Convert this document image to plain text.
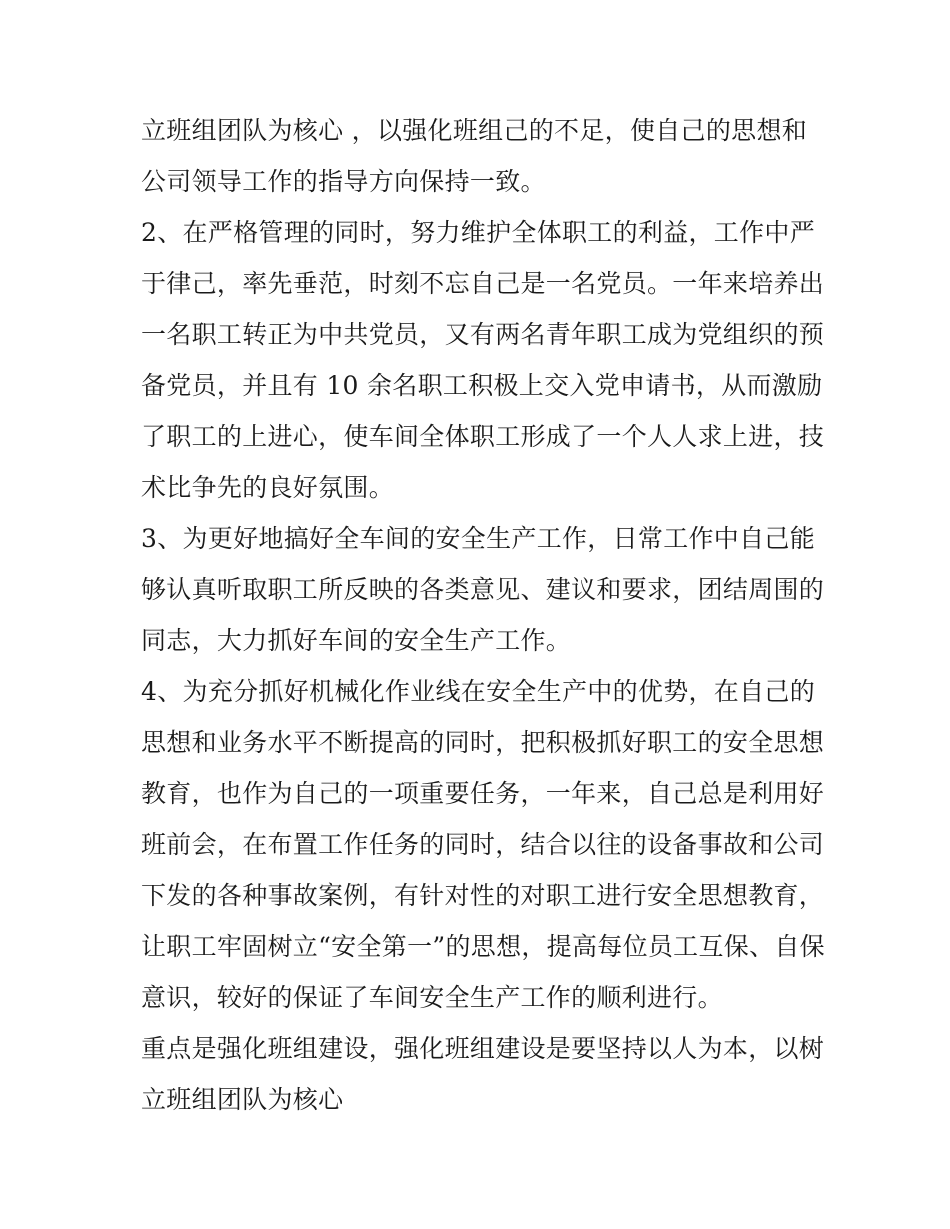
立班组团队为核心 ，以强化班组己的不足，使自己的思想和
公司领导工作的指导方向保持一致。
2、在严格管理的同时，努力维护全体职工的利益，工作中严
于律己，率先垂范，时刻不忘自己是一名党员。一年来培养出
一名职工转正为中共党员，又有两名青年职工成为党组织的预
备党员，并且有 10 余名职工积极上交入党申请书，从而激励
了职工的上进心，使车间全体职工形成了一个人人求上进，技
术比争先的良好氛围。
3、为更好地搞好全车间的安全生产工作，日常工作中自己能
够认真听取职工所反映的各类意见、建议和要求，团结周围的
同志，大力抓好车间的安全生产工作。
4、为充分抓好机械化作业线在安全生产中的优势，在自己的
思想和业务水平不断提高的同时，把积极抓好职工的安全思想
教育，也作为自己的一项重要任务，一年来，自己总是利用好
班前会，在布置工作任务的同时，结合以往的设备事故和公司
下发的各种事故案例，有针对性的对职工进行安全思想教育，
让职工牢固树立“安全第一”的思想，提高每位员工互保、自保
意识，较好的保证了车间安全生产工作的顺利进行。
重点是强化班组建设，强化班组建设是要坚持以人为本，以树
立班组团队为核心
